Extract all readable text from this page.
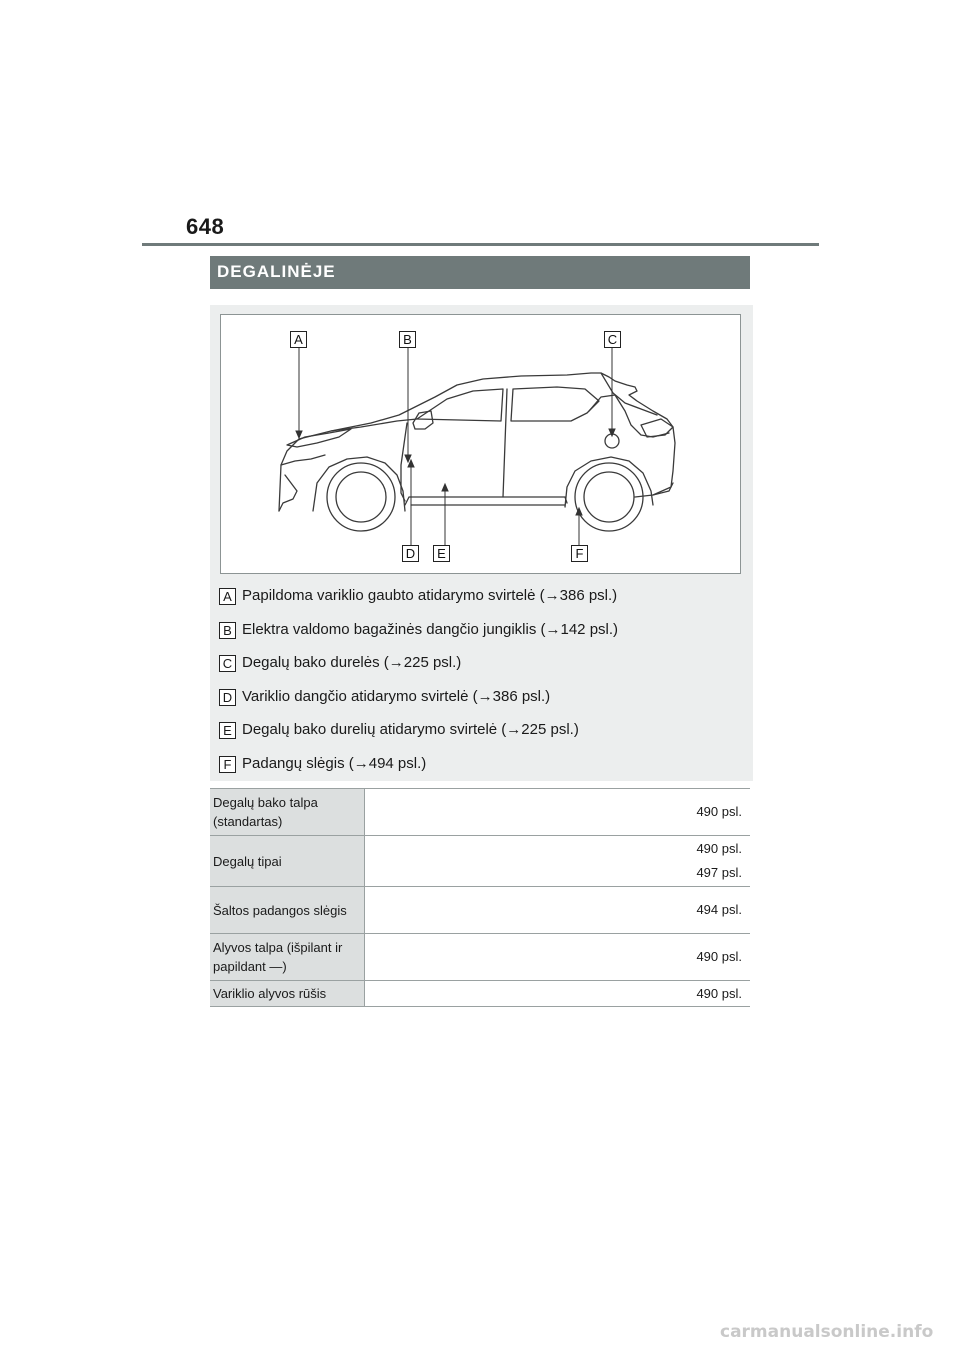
648
DEGALINĖJE
A	B	C
D	E	F
A Papildoma variklio gaubto atidarymo svirtelė (→386 psl.)
B Elektra valdomo bagažinės dangčio jungiklis (→142 psl.)
C Degalų bako durelės (→225 psl.)
D Variklio dangčio atidarymo svirtelė (→386 psl.)
E Degalų bako durelių atidarymo svirtelė (→225 psl.)
F Padangų slėgis (→494 psl.)
Degalų bako talpa (standartas)	490 psl.

Degalų tipai	490 psl.
497 psl.

Šaltos padangos slėgis	494 psl.

Alyvos talpa (išpilant ir papildant —)	490 psl.

Variklio alyvos rūšis	490 psl.
carmanualsonline.info
